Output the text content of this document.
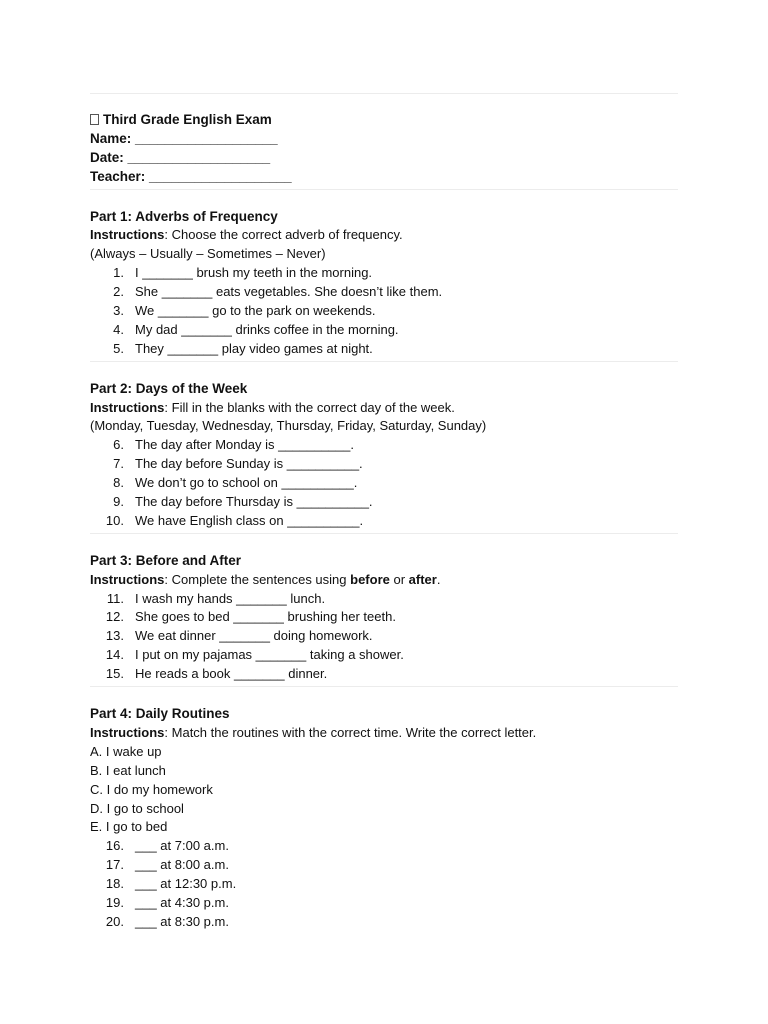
Third Grade English Exam
Name: ___________________
Date: ___________________
Teacher: ___________________
Part 1: Adverbs of Frequency
Instructions: Choose the correct adverb of frequency.
(Always – Usually – Sometimes – Never)
1. I _______ brush my teeth in the morning.
2. She _______ eats vegetables. She doesn’t like them.
3. We _______ go to the park on weekends.
4. My dad _______ drinks coffee in the morning.
5. They _______ play video games at night.
Part 2: Days of the Week
Instructions: Fill in the blanks with the correct day of the week.
(Monday, Tuesday, Wednesday, Thursday, Friday, Saturday, Sunday)
6. The day after Monday is __________.
7. The day before Sunday is __________.
8. We don’t go to school on __________.
9. The day before Thursday is __________.
10. We have English class on __________.
Part 3: Before and After
Instructions: Complete the sentences using before or after.
11. I wash my hands _______ lunch.
12. She goes to bed _______ brushing her teeth.
13. We eat dinner _______ doing homework.
14. I put on my pajamas _______ taking a shower.
15. He reads a book _______ dinner.
Part 4: Daily Routines
Instructions: Match the routines with the correct time. Write the correct letter.
A. I wake up
B. I eat lunch
C. I do my homework
D. I go to school
E. I go to bed
16. ___ at 7:00 a.m.
17. ___ at 8:00 a.m.
18. ___ at 12:30 p.m.
19. ___ at 4:30 p.m.
20. ___ at 8:30 p.m.
